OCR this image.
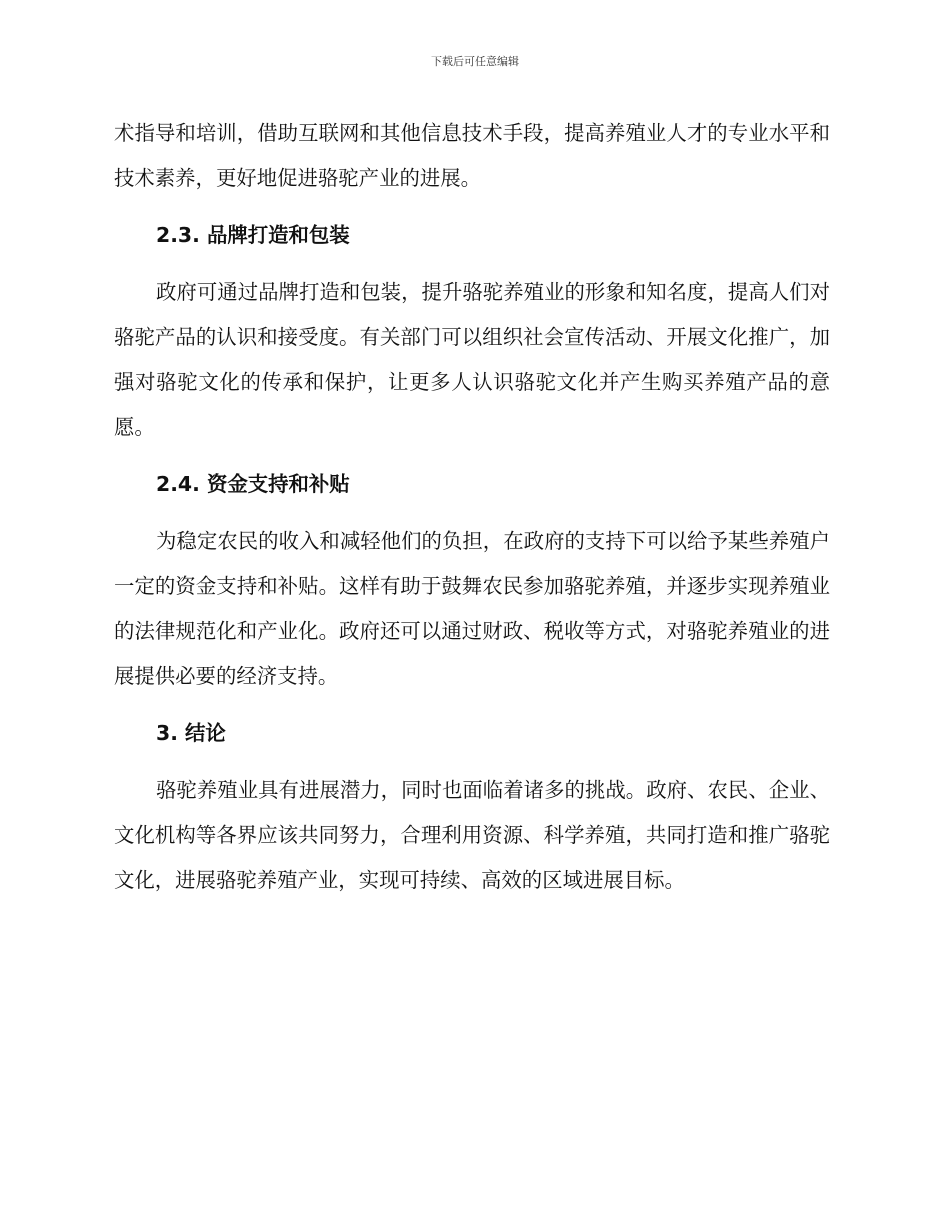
下载后可任意编辑

术指导和培训，借助互联网和其他信息技术手段，提高养殖业人才的专业水平和技术素养，更好地促进骆驼产业的进展。

2.3. 品牌打造和包装

政府可通过品牌打造和包装，提升骆驼养殖业的形象和知名度，提高人们对骆驼产品的认识和接受度。有关部门可以组织社会宣传活动、开展文化推广，加强对骆驼文化的传承和保护，让更多人认识骆驼文化并产生购买养殖产品的意愿。

2.4. 资金支持和补贴

为稳定农民的收入和减轻他们的负担，在政府的支持下可以给予某些养殖户一定的资金支持和补贴。这样有助于鼓舞农民参加骆驼养殖，并逐步实现养殖业的法律规范化和产业化。政府还可以通过财政、税收等方式，对骆驼养殖业的进展提供必要的经济支持。

3. 结论

骆驼养殖业具有进展潜力，同时也面临着诸多的挑战。政府、农民、企业、文化机构等各界应该共同努力，合理利用资源、科学养殖，共同打造和推广骆驼文化，进展骆驼养殖产业，实现可持续、高效的区域进展目标。
